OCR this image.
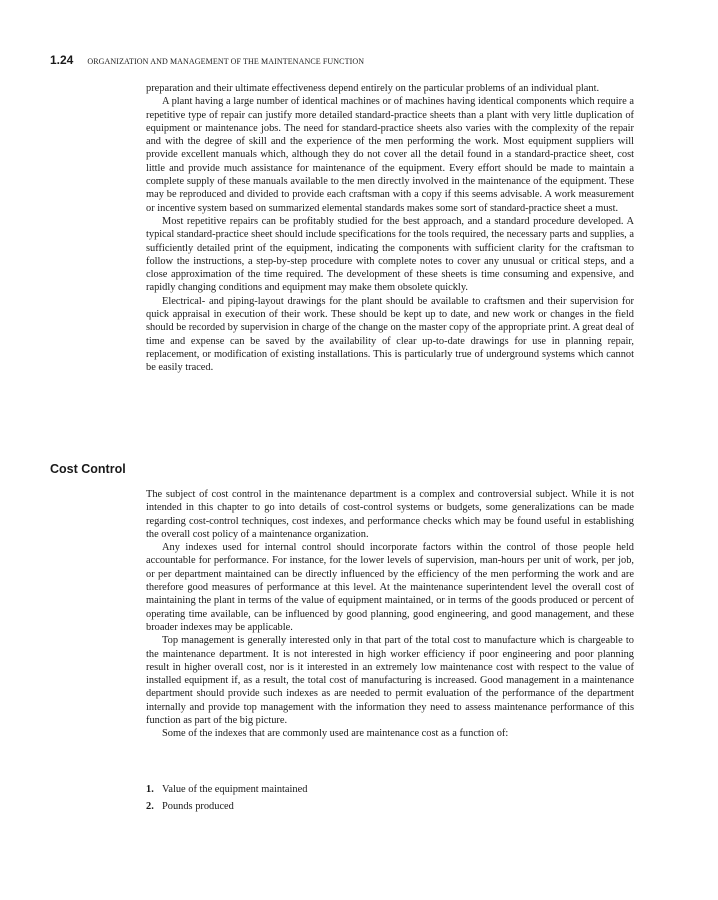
1.24 ORGANIZATION AND MANAGEMENT OF THE MAINTENANCE FUNCTION

preparation and their ultimate effectiveness depend entirely on the particular problems of an individual plant.

A plant having a large number of identical machines or of machines having identical components which require a repetitive type of repair can justify more detailed standard-practice sheets than a plant with very little duplication of equipment or maintenance jobs. The need for standard-practice sheets also varies with the complexity of the repair and with the degree of skill and the experience of the men performing the work. Most equipment suppliers will provide excellent manuals which, although they do not cover all the detail found in a standard-practice sheet, cost little and provide much assistance for maintenance of the equipment. Every effort should be made to maintain a complete supply of these manuals available to the men directly involved in the maintenance of the equipment. These may be reproduced and divided to provide each craftsman with a copy if this seems advisable. A work measurement or incentive system based on summarized elemental standards makes some sort of standard-practice sheet a must.

Most repetitive repairs can be profitably studied for the best approach, and a standard procedure developed. A typical standard-practice sheet should include specifications for the tools required, the necessary parts and supplies, a sufficiently detailed print of the equipment, indicating the components with sufficient clarity for the craftsman to follow the instructions, a step-by-step procedure with complete notes to cover any unusual or critical steps, and a close approximation of the time required. The development of these sheets is time consuming and expensive, and rapidly changing conditions and equipment may make them obsolete quickly.

Electrical- and piping-layout drawings for the plant should be available to craftsmen and their supervision for quick appraisal in execution of their work. These should be kept up to date, and new work or changes in the field should be recorded by supervision in charge of the change on the master copy of the appropriate print. A great deal of time and expense can be saved by the availability of clear up-to-date drawings for use in planning repair, replacement, or modification of existing installations. This is particularly true of underground systems which cannot be easily traced.

Cost Control

The subject of cost control in the maintenance department is a complex and controversial subject. While it is not intended in this chapter to go into details of cost-control systems or budgets, some generalizations can be made regarding cost-control techniques, cost indexes, and performance checks which may be found useful in establishing the overall cost policy of a maintenance organization.

Any indexes used for internal control should incorporate factors within the control of those people held accountable for performance. For instance, for the lower levels of supervision, man-hours per unit of work, per job, or per department maintained can be directly influenced by the efficiency of the men performing the work and are therefore good measures of performance at this level. At the maintenance superintendent level the overall cost of maintaining the plant in terms of the value of equipment maintained, or in terms of the goods produced or percent of operating time available, can be influenced by good planning, good engineering, and good management, and these broader indexes may be applicable.

Top management is generally interested only in that part of the total cost to manufacture which is chargeable to the maintenance department. It is not interested in high worker efficiency if poor engineering and poor planning result in higher overall cost, nor is it interested in an extremely low maintenance cost with respect to the value of installed equipment if, as a result, the total cost of manufacturing is increased. Good management in a maintenance department should provide such indexes as are needed to permit evaluation of the performance of the department internally and provide top management with the information they need to assess maintenance performance of this function as part of the big picture.

Some of the indexes that are commonly used are maintenance cost as a function of:

1. Value of the equipment maintained
2. Pounds produced
